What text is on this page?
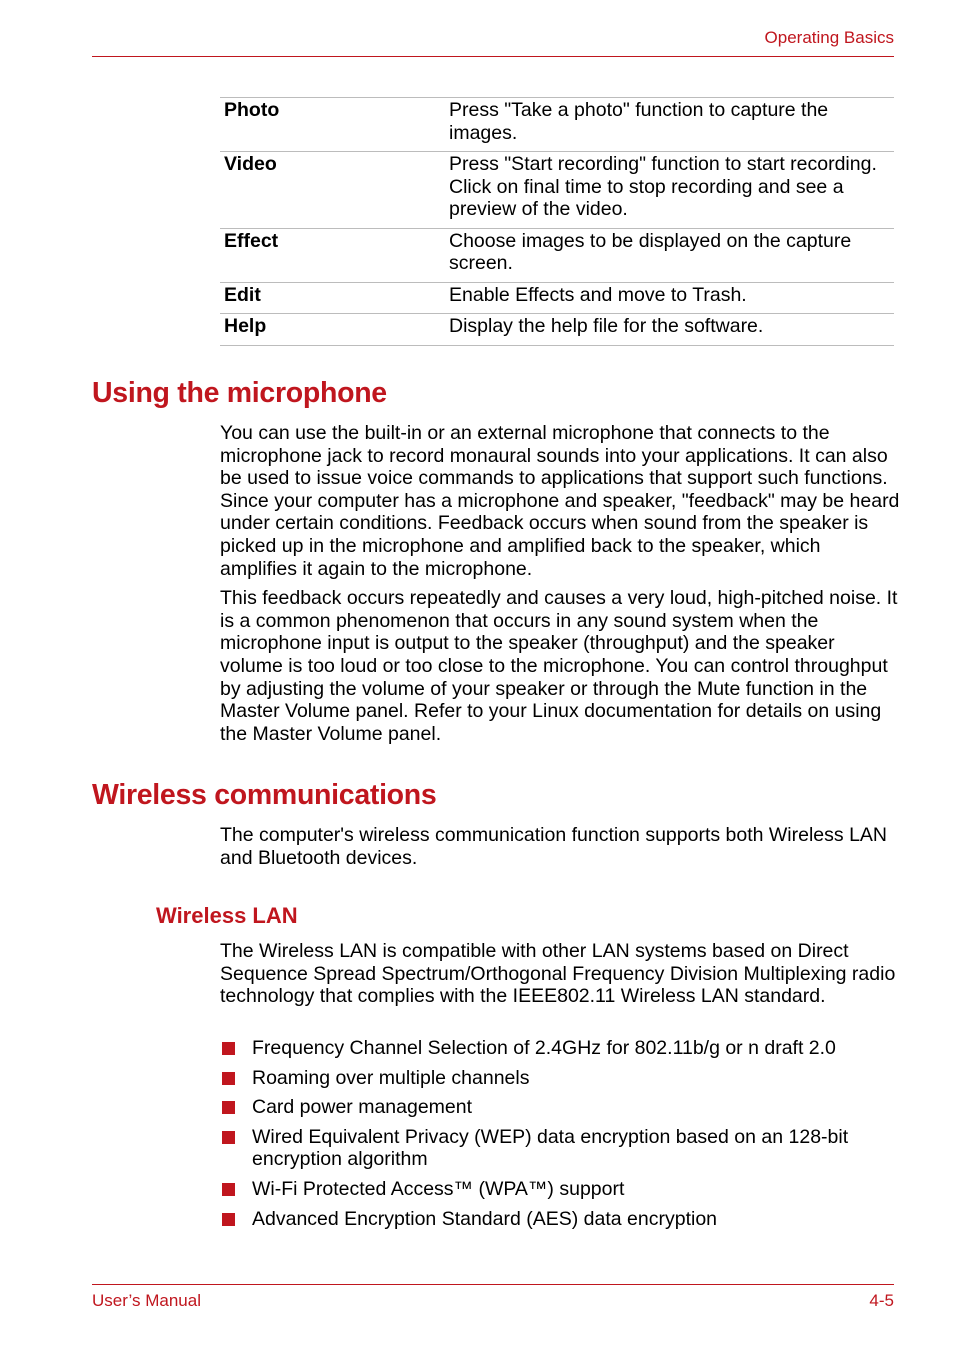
Operating Basics
Photo	Press "Take a photo" function to capture the images.
Video	Press "Start recording" function to start recording. Click on final time to stop recording and see a preview of the video.
Effect	Choose images to be displayed on the capture screen.
Edit	Enable Effects and move to Trash.
Help	Display the help file for the software.
Using the microphone

You can use the built-in or an external microphone that connects to the microphone jack to record monaural sounds into your applications. It can also be used to issue voice commands to applications that support such functions. Since your computer has a microphone and speaker, "feedback" may be heard under certain conditions. Feedback occurs when sound from the speaker is picked up in the microphone and amplified back to the speaker, which amplifies it again to the microphone.

This feedback occurs repeatedly and causes a very loud, high-pitched noise. It is a common phenomenon that occurs in any sound system when the microphone input is output to the speaker (throughput) and the speaker volume is too loud or too close to the microphone. You can control throughput by adjusting the volume of your speaker or through the Mute function in the Master Volume panel. Refer to your Linux documentation for details on using the Master Volume panel.

Wireless communications

The computer's wireless communication function supports both Wireless LAN and Bluetooth devices.

Wireless LAN

The Wireless LAN is compatible with other LAN systems based on Direct Sequence Spread Spectrum/Orthogonal Frequency Division Multiplexing radio technology that complies with the IEEE802.11 Wireless LAN standard.

Frequency Channel Selection of 2.4GHz for 802.11b/g or n draft 2.0
Roaming over multiple channels
Card power management
Wired Equivalent Privacy (WEP) data encryption based on an 128-bit encryption algorithm
Wi-Fi Protected Access™ (WPA™) support
Advanced Encryption Standard (AES) data encryption
User’s Manual	4-5
